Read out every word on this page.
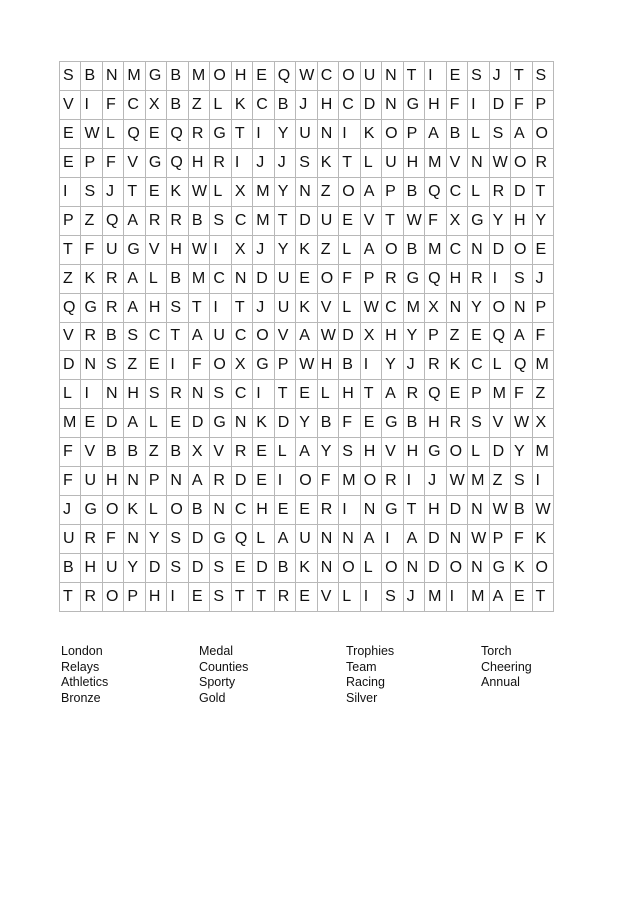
S B N M G B M O H E Q W C O U N T I	E S J T S
V I	F C X B Z L K C B J H C D N G H F I	D F P
E W L Q E Q R G T I	Y U N I	K O P A B L S A O
E P F V G Q H R I	J J S K T L U H M V N W O R
I	S J T E K W L X M Y N Z O A P B Q C L R D T
P Z Q A R R B S C M T D U E V T W F X G Y H Y
T F U G V H W I	X J Y K Z L A O B M C N D O E
Z K R A L B M C N D U E O F P R G Q H R I	S J
Q G R A H S T I	T J U K V L W C M X N Y O N P
V R B S C T A U C O V A W D X H Y P Z E Q A F
D N S Z E I	F O X G P W H B I	Y J R K C L Q M
L I	N H S R N S C I	T E L H T A R Q E P M F Z
M E D A L E D G N K D Y B F E G B H R S V W X
F V B B Z B X V R E L A Y S H V H G O L D Y M
F U H N P N A R D E I	O F M O R I	J W M Z S I
J G O K L O B N C H E E R I	N G T H D N W B W
U R F N Y S D G Q L A U N N A I	A D N W P F K
B H U Y D S D S E D B K N O L O N D O N G K O
T R O P H I	E S T T R E V L I	S J M I	M A E T
London
Relays
Athletics
Bronze
Medal
Counties
Sporty
Gold
Trophies
Team
Racing
Silver
Torch
Cheering
Annual
